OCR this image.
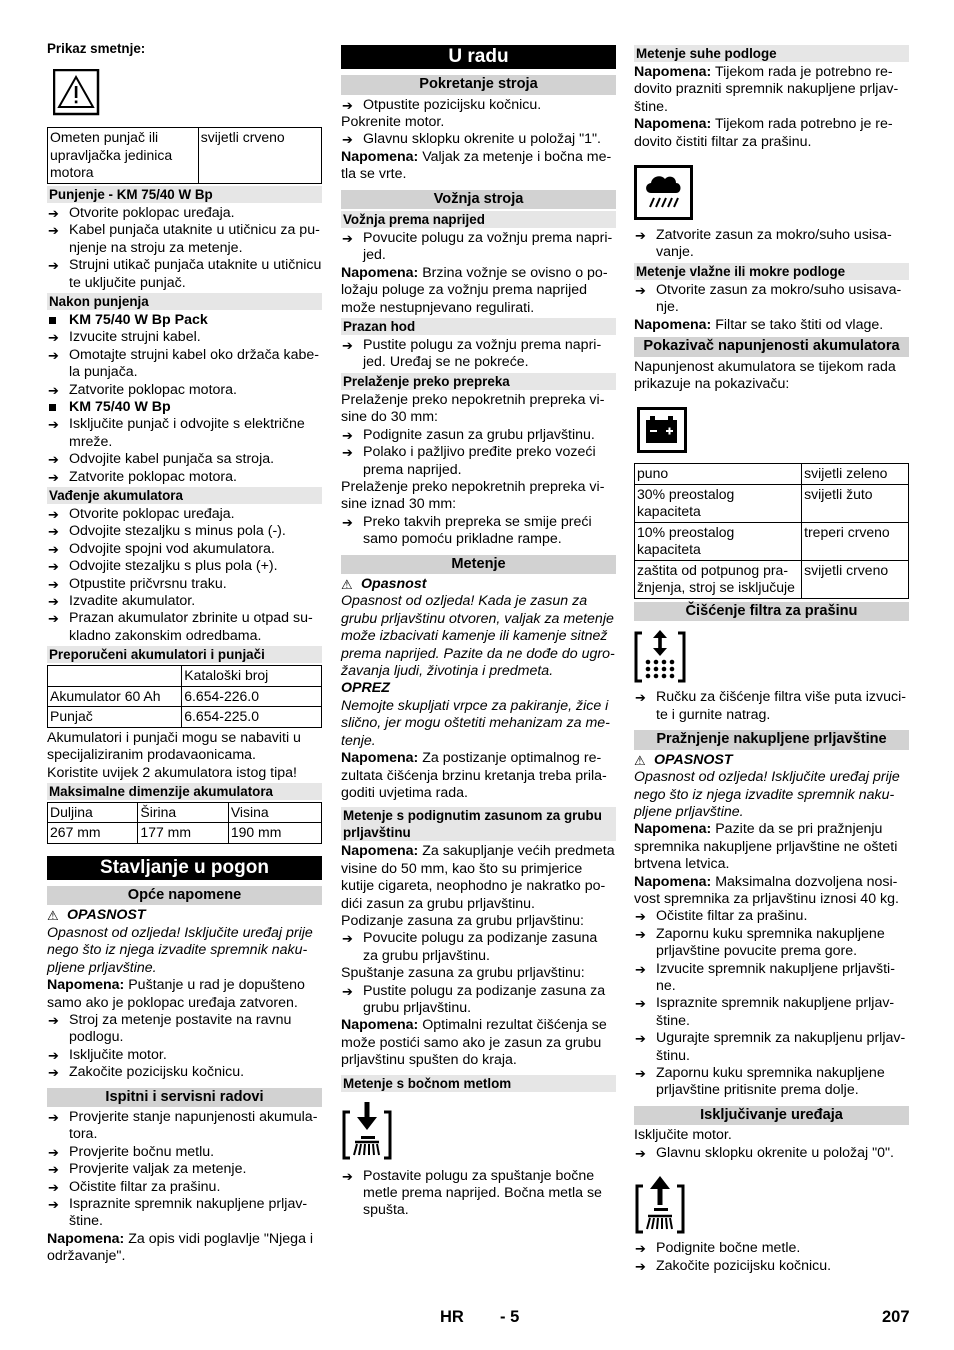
Prikaz smetnje:

Ometen punjač ili upravljačka jedinica motora	svijetli crveno
Punjenje - KM 75/40 W Bp

➔ Otvorite poklopac uređaja.

➔ Kabel punjača utaknite u utičnicu za punjenje na stroju za metenje.

➔ Strujni utikač punjača utaknite u utičnicu te uključite punjač.

Nakon punjenja

KM 75/40 W Bp Pack

➔ Izvucite strujni kabel.

➔ Omotajte strujni kabel oko držača kabela punjača.

➔ Zatvorite poklopac motora.

KM 75/40 W Bp

➔ Isključite punjač i odvojite s električne mreže.

➔ Odvojite kabel punjača sa stroja.

➔ Zatvorite poklopac motora.

Vađenje akumulatora

➔ Otvorite poklopac uređaja.

➔ Odvojite stezaljku s minus pola (-).

➔ Odvojite spojni vod akumulatora.

➔ Odvojite stezaljku s plus pola (+).

➔ Otpustite pričvrsnu traku.

➔ Izvadite akumulator.

➔ Prazan akumulator zbrinite u otpad sukladno zakonskim odredbama.

Preporučeni akumulatori i punjači
	Kataloški broj
Akumulator 60 Ah	6.654-226.0
Punjač	6.654-225.0

Akumulatori i punjači mogu se nabaviti u specijaliziranim prodavaonicama.

Koristite uvijek 2 akumulatora istog tipa!

Maksimalne dimenzije akumulatora
Duljina	Širina	Visina
267 mm	177 mm	190 mm
Stavljanje u pogon
Opće napomene

⚠ OPASNOST

Opasnost od ozljeda! Isključite uređaj prije nego što iz njega izvadite spremnik nakupljene prljavštine.

Napomena: Puštanje u rad je dopušteno samo ako je poklopac uređaja zatvoren.

➔ Stroj za metenje postavite na ravnu podlogu.

➔ Isključite motor.

➔ Zakočite pozicijsku kočnicu.

Ispitni i servisni radovi

➔ Provjerite stanje napunjenosti akumulatora.

➔ Provjerite bočnu metlu.

➔ Provjerite valjak za metenje.

➔ Očistite filtar za prašinu.

➔ Ispraznite spremnik nakupljene prljavštine.

Napomena: Za opis vidi poglavlje "Njega i održavanje".

U radu
Pokretanje stroja

➔ Otpustite pozicijsku kočnicu.

Pokrenite motor.

➔ Glavnu sklopku okrenite u položaj "1".

Napomena: Valjak za metenje i bočna metla se vrte.

Vožnja stroja
Vožnja prema naprijed

➔ Povucite polugu za vožnju prema naprijed.

Napomena: Brzina vožnje se ovisno o položaju poluge za vožnju prema naprijed može nestupnjevano regulirati.

Prazan hod

➔ Pustite polugu za vožnju prema naprijed. Uređaj se ne pokreće.

Prelaženje preko prepreka

Prelaženje preko nepokretnih prepreka visine do 30 mm:

➔ Podignite zasun za grubu prljavštinu.

➔ Polako i pažljivo pređite preko vozeći prema naprijed.

Prelaženje preko nepokretnih prepreka visine iznad 30 mm:

➔ Preko takvih prepreka se smije preći samo pomoću prikladne rampe.

Metenje

⚠ Opasnost

Opasnost od ozljeda! Kada je zasun za grubu prljavštinu otvoren, valjak za metenje može izbacivati kamenje ili kamenje sitnež prema naprijed. Pazite da ne dođe do ugrožavanja ljudi, životinja i predmeta.

OPREZ

Nemojte skupljati vrpce za pakiranje, žice i slično, jer mogu oštetiti mehanizam za metenje.

Napomena: Za postizanje optimalnog rezultata čišćenja brzinu kretanja treba prilagoditi uvjetima rada.

Metenje s podignutim zasunom za grubu prljavštinu

Napomena: Za sakupljanje većih predmeta visine do 50 mm, kao što su primjerice kutije cigareta, neophodno je nakratko podići zasun za grubu prljavštinu.

Podizanje zasuna za grubu prljavštinu:

➔ Povucite polugu za podizanje zasuna za grubu prljavštinu.

Spuštanje zasuna za grubu prljavštinu:

➔ Pustite polugu za podizanje zasuna za grubu prljavštinu.

Napomena: Optimalni rezultat čišćenja se može postići samo ako je zasun za grubu prljavštinu spušten do kraja.

Metenje s bočnom metlom

➔ Postavite polugu za spuštanje bočne metle prema naprijed. Bočna metla se spušta.

Metenje suhe podloge

Napomena: Tijekom rada je potrebno redovito prazniti spremnik nakupljene prljavštine.

Napomena: Tijekom rada potrebno je redovito čistiti filtar za prašinu.

➔ Zatvorite zasun za mokro/suho usisavanje.

Metenje vlažne ili mokre podloge

➔ Otvorite zasun za mokro/suho usisavanje.

Napomena: Filtar se tako štiti od vlage.

Pokazivač napunjenosti akumulatora

Napunjenost akumulatora se tijekom rada prikazuje na pokazivaču:

puno	svijetli zeleno
30% preostalog kapaciteta	svijetli žuto
10% preostalog kapaciteta	treperi crveno
zaštita od potpunog pražnjenja, stroj se isključuje	svijetli crveno
Čišćenje filtra za prašinu

➔ Ručku za čišćenje filtra više puta izvucite i gurnite natrag.

Pražnjenje nakupljene prljavštine

⚠ OPASNOST

Opasnost od ozljeda! Isključite uređaj prije nego što iz njega izvadite spremnik nakupljene prljavštine.

Napomena: Pazite da se pri pražnjenju spremnika nakupljene prljavštine ne ošteti brtvena letvica.

Napomena: Maksimalna dozvoljena nosivost spremnika za prljavštinu iznosi 40 kg.

➔ Očistite filtar za prašinu.

➔ Zapornu kuku spremnika nakupljene prljavštine povucite prema gore.

➔ Izvucite spremnik nakupljene prljavštine.

➔ Ispraznite spremnik nakupljene prljavštine.

➔ Ugurajte spremnik za nakupljenu prljavštinu.

➔ Zapornu kuku spremnika nakupljene prljavštine pritisnite prema dolje.

Isključivanje uređaja

Isključite motor.

➔ Glavnu sklopku okrenite u položaj "0".

➔ Podignite bočne metle.

➔ Zakočite pozicijsku kočnicu.

HR - 5	207
